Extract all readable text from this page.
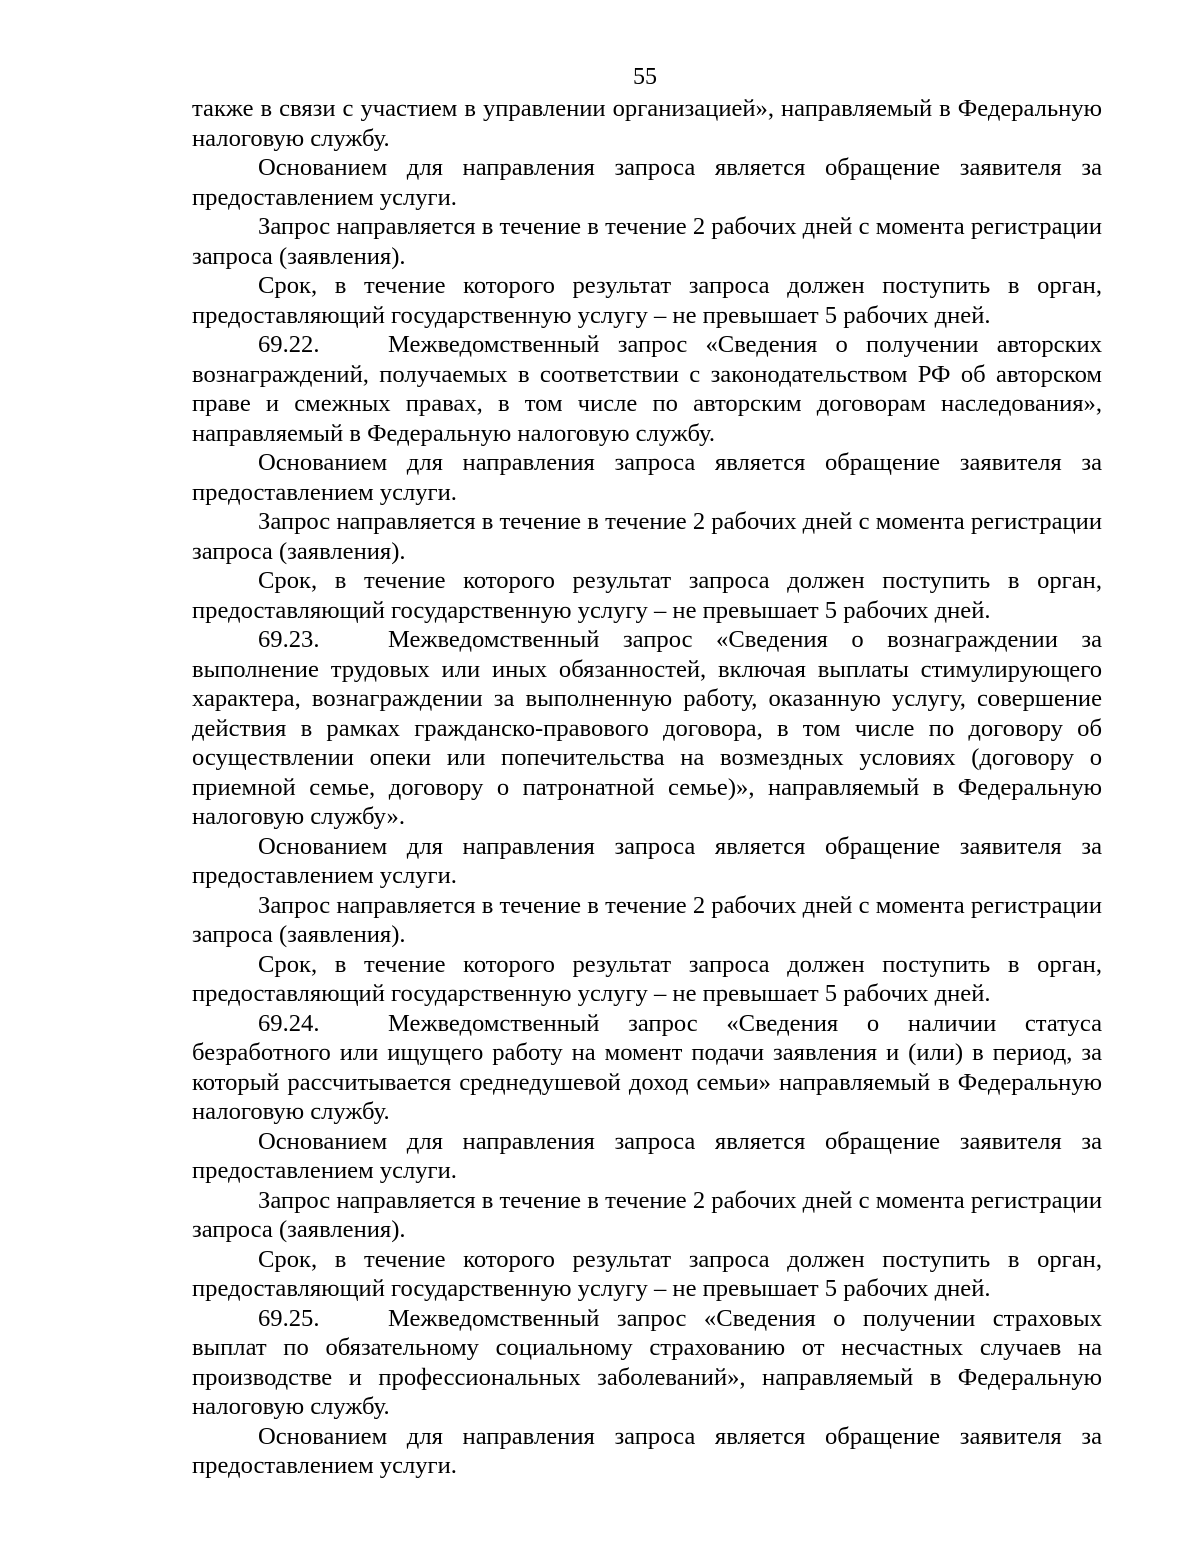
55

также в связи с участием в управлении организацией», направляемый в Федеральную налоговую службу.

Основанием для направления запроса является обращение заявителя за предоставлением услуги.

Запрос направляется в течение в течение 2 рабочих дней с момента регистрации запроса (заявления).

Срок, в течение которого результат запроса должен поступить в орган, предоставляющий государственную услугу – не превышает 5 рабочих дней.

69.22.	Межведомственный запрос «Сведения о получении авторских вознаграждений, получаемых в соответствии с законодательством РФ об авторском праве и смежных правах, в том числе по авторским договорам наследования», направляемый в Федеральную налоговую службу.

Основанием для направления запроса является обращение заявителя за предоставлением услуги.

Запрос направляется в течение в течение 2 рабочих дней с момента регистрации запроса (заявления).

Срок, в течение которого результат запроса должен поступить в орган, предоставляющий государственную услугу – не превышает 5 рабочих дней.

69.23.	Межведомственный запрос «Сведения о вознаграждении за выполнение трудовых или иных обязанностей, включая выплаты стимулирующего характера, вознаграждении за выполненную работу, оказанную услугу, совершение действия в рамках гражданско-правового договора, в том числе по договору об осуществлении опеки или попечительства на возмездных условиях (договору о приемной семье, договору о патронатной семье)», направляемый в Федеральную налоговую службу».

Основанием для направления запроса является обращение заявителя за предоставлением услуги.

Запрос направляется в течение в течение 2 рабочих дней с момента регистрации запроса (заявления).

Срок, в течение которого результат запроса должен поступить в орган, предоставляющий государственную услугу – не превышает 5 рабочих дней.

69.24.	Межведомственный запрос «Сведения о наличии статуса безработного или ищущего работу на момент подачи заявления и (или) в период, за который рассчитывается среднедушевой доход семьи» направляемый в Федеральную налоговую службу.

Основанием для направления запроса является обращение заявителя за предоставлением услуги.

Запрос направляется в течение в течение 2 рабочих дней с момента регистрации запроса (заявления).

Срок, в течение которого результат запроса должен поступить в орган, предоставляющий государственную услугу – не превышает 5 рабочих дней.

69.25.	Межведомственный запрос «Сведения о получении страховых выплат по обязательному социальному страхованию от несчастных случаев на производстве и профессиональных заболеваний», направляемый в Федеральную налоговую службу.

Основанием для направления запроса является обращение заявителя за предоставлением услуги.
